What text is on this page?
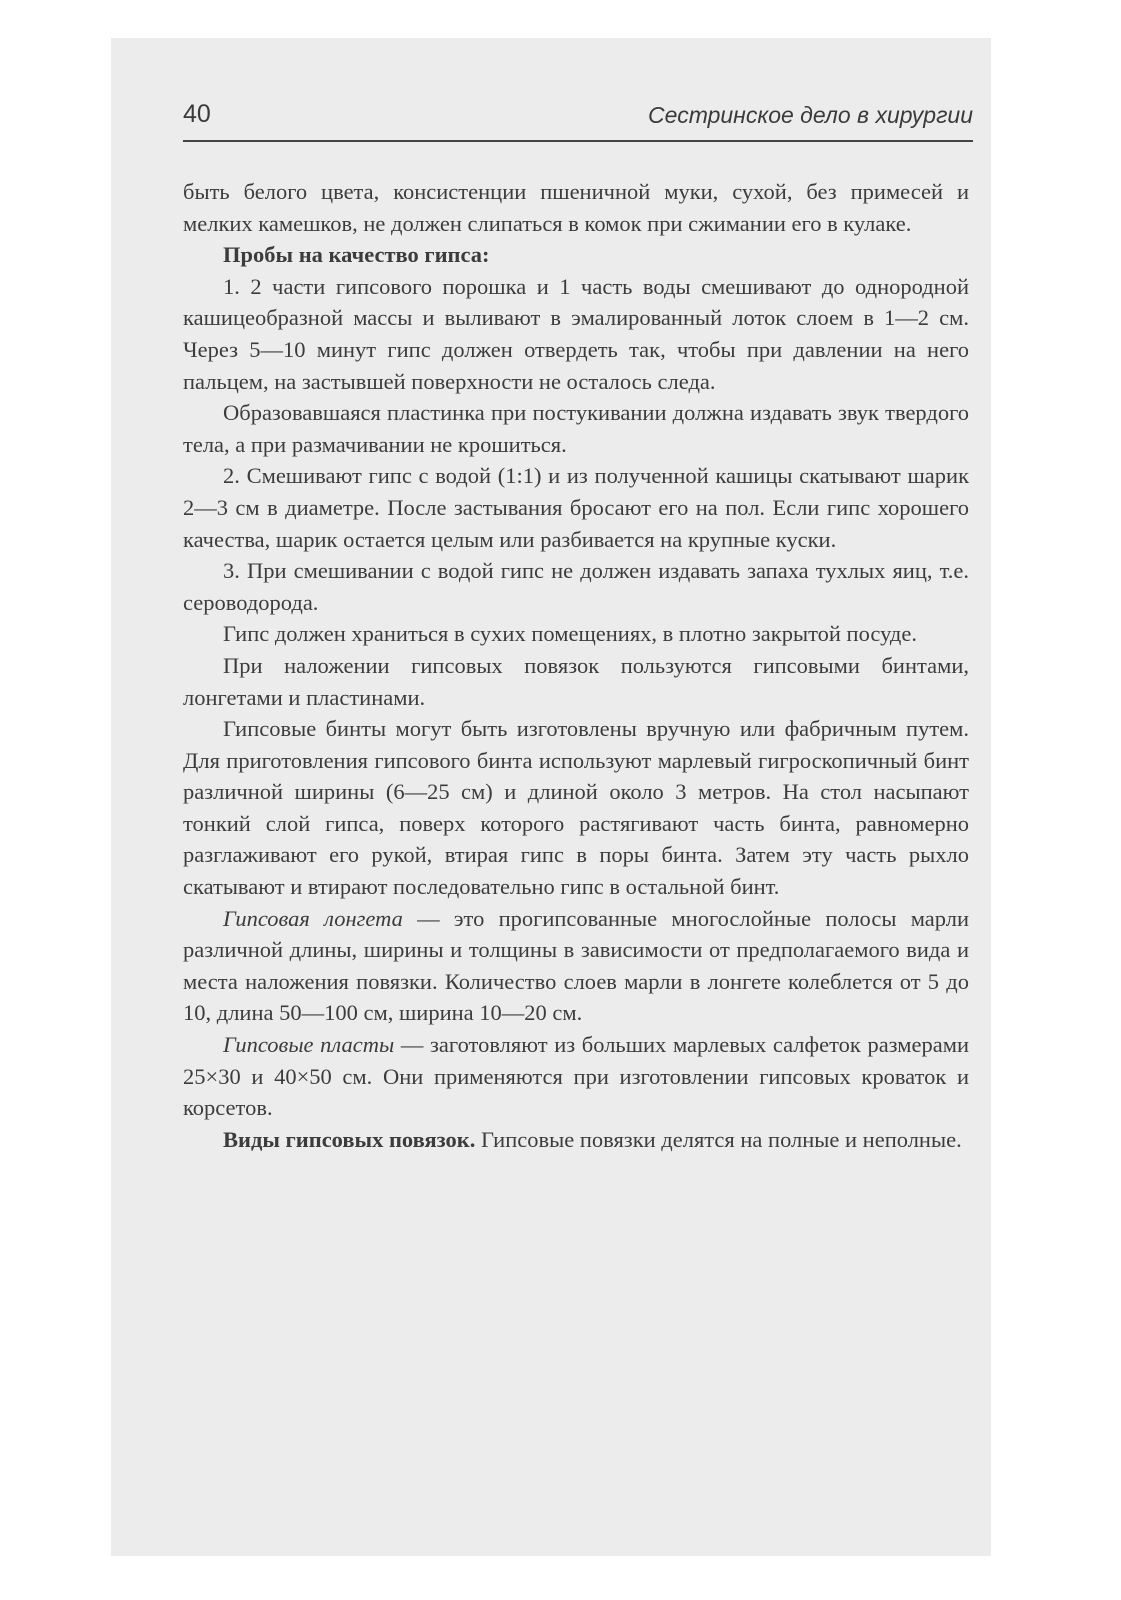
40	Сестринское дело в хирургии

быть белого цвета, консистенции пшеничной муки, сухой, без примесей и мелких камешков, не должен слипаться в комок при сжимании его в кулаке.

Пробы на качество гипса:

1. 2 части гипсового порошка и 1 часть воды смешивают до однородной кашицеобразной массы и выливают в эмалированный лоток слоем в 1—2 см. Через 5—10 минут гипс должен отвердеть так, чтобы при давлении на него пальцем, на застывшей поверхности не осталось следа.

Образовавшаяся пластинка при постукивании должна издавать звук твердого тела, а при размачивании не крошиться.

2. Смешивают гипс с водой (1:1) и из полученной кашицы скатывают шарик 2—3 см в диаметре. После застывания бросают его на пол. Если гипс хорошего качества, шарик остается целым или разбивается на крупные куски.

3. При смешивании с водой гипс не должен издавать запаха тухлых яиц, т.е. сероводорода.

Гипс должен храниться в сухих помещениях, в плотно закрытой посуде.

При наложении гипсовых повязок пользуются гипсовыми бинтами, лонгетами и пластинами.

Гипсовые бинты могут быть изготовлены вручную или фабричным путем. Для приготовления гипсового бинта используют марлевый гигроскопичный бинт различной ширины (6—25 см) и длиной около 3 метров. На стол насыпают тонкий слой гипса, поверх которого растягивают часть бинта, равномерно разглаживают его рукой, втирая гипс в поры бинта. Затем эту часть рыхло скатывают и втирают последовательно гипс в остальной бинт.

Гипсовая лонгета — это прогипсованные многослойные полосы марли различной длины, ширины и толщины в зависимости от предполагаемого вида и места наложения повязки. Количество слоев марли в лонгете колеблется от 5 до 10, длина 50—100 см, ширина 10—20 см.

Гипсовые пласты — заготовляют из больших марлевых салфеток размерами 25×30 и 40×50 см. Они применяются при изготовлении гипсовых кроваток и корсетов.

Виды гипсовых повязок. Гипсовые повязки делятся на полные и неполные.
